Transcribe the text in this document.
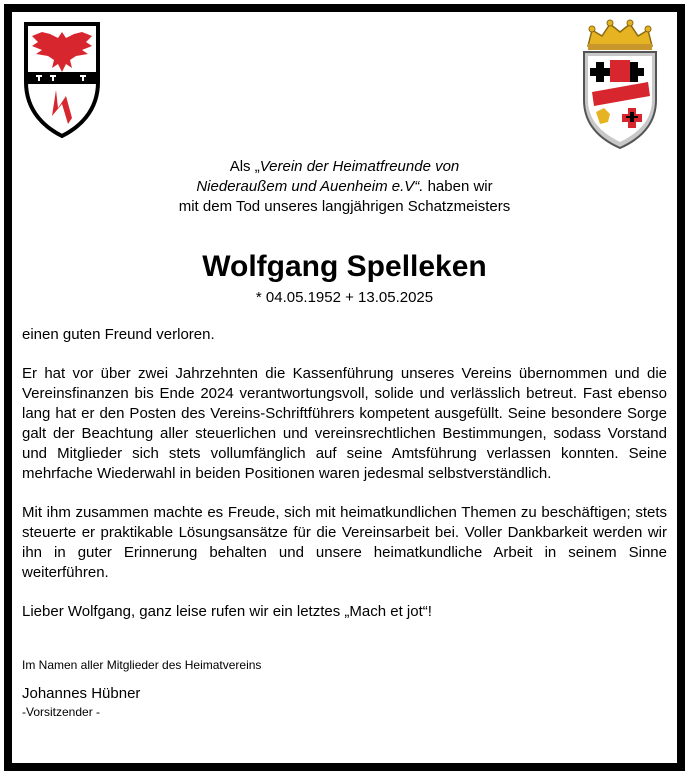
Als „Verein der Heimatfreunde von
Niederaußem und Auenheim e.V“. haben wir
mit dem Tod unseres langjährigen Schatzmeisters
Wolfgang Spelleken
* 04.05.1952 + 13.05.2025

einen guten Freund verloren.

Er hat vor über zwei Jahrzehnten die Kassenführung unseres Vereins übernommen und die Vereinsfinanzen bis Ende 2024 verantwortungsvoll, solide und verlässlich betreut. Fast ebenso lang hat er den Posten des Vereins-Schriftführers kompetent ausgefüllt. Seine besondere Sorge galt der Beachtung aller steuerlichen und vereinsrechtlichen Bestimmungen, sodass Vorstand und Mitglieder sich stets vollumfänglich auf seine Amtsführung verlassen konnten. Seine mehrfache Wiederwahl in beiden Positionen waren jedesmal selbstverständlich.

Mit ihm zusammen machte es Freude, sich mit heimatkundlichen Themen zu beschäftigen; stets steuerte er praktikable Lösungsansätze für die Vereinsarbeit bei. Voller Dankbarkeit werden wir ihn in guter Erinnerung behalten und unsere heimatkundliche Arbeit in seinem Sinne weiterführen.

Lieber Wolfgang, ganz leise rufen wir ein letztes „Mach et jot“!

Im Namen aller Mitglieder des Heimatvereins
Johannes Hübner
-Vorsitzender -
